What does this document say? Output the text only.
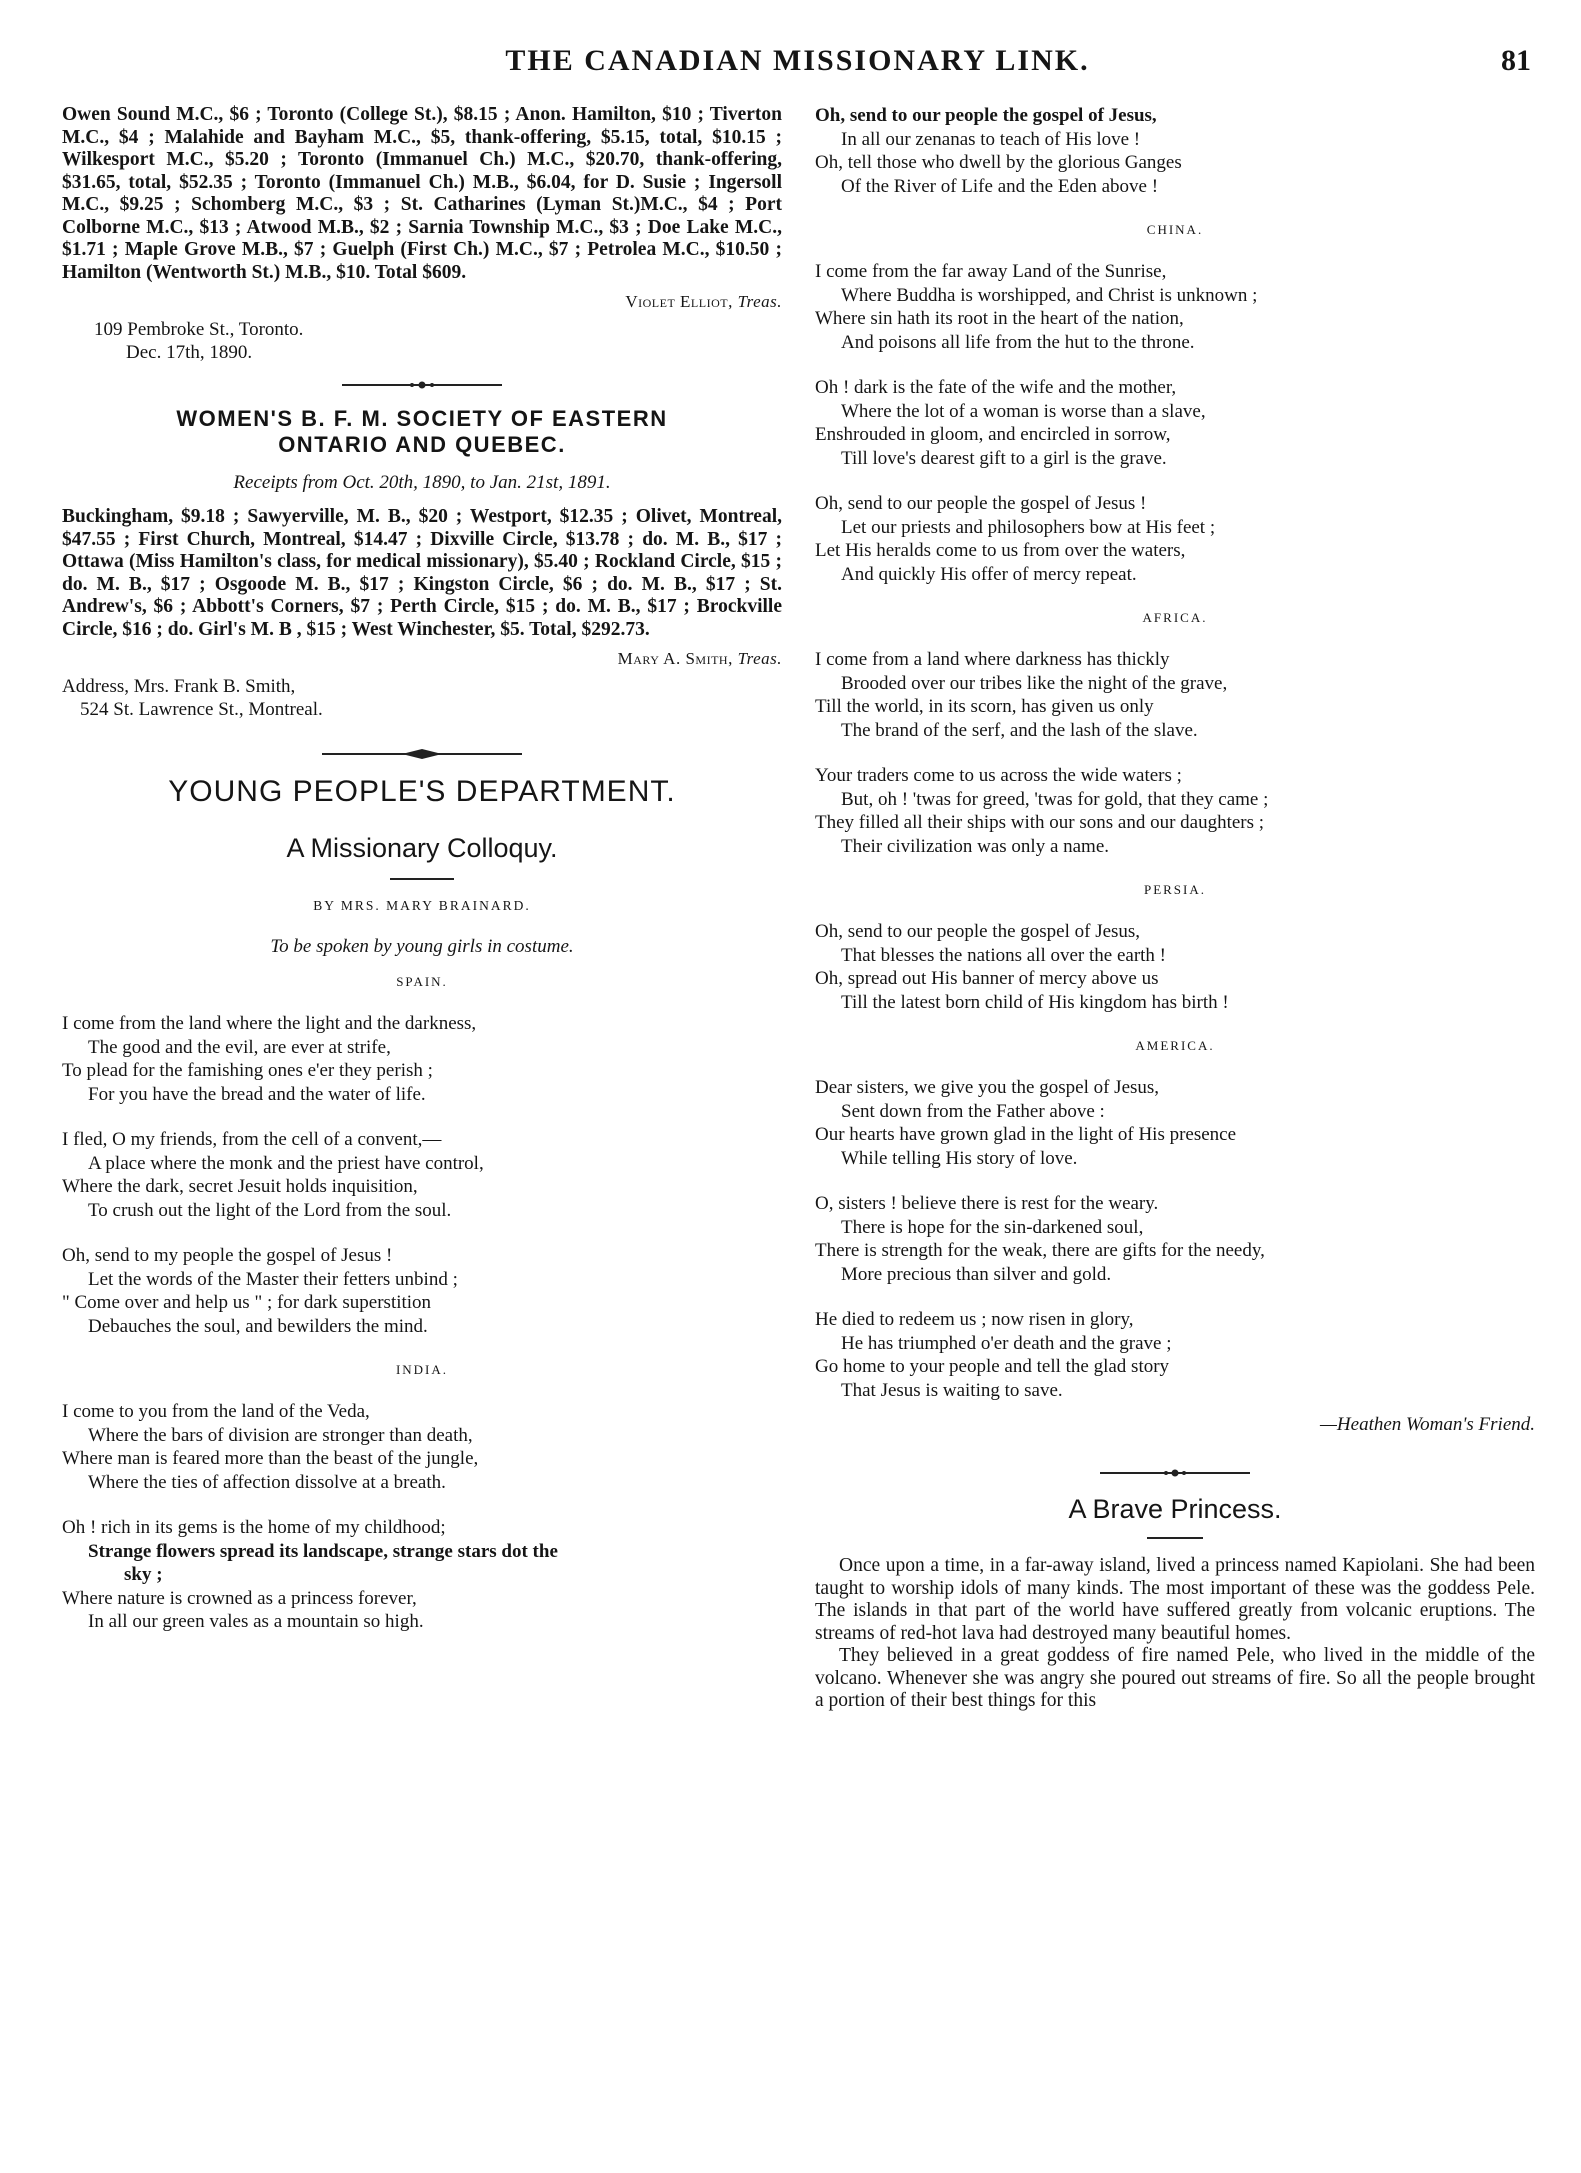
THE CANADIAN MISSIONARY LINK.	81

Owen Sound M.C., $6 ; Toronto (College St.), $8.15 ; Anon. Hamilton, $10 ; Tiverton M.C., $4 ; Malahide and Bayham M.C., $5, thank-offering, $5.15, total, $10.15 ; Wilkesport M.C., $5.20 ; Toronto (Immanuel Ch.) M.C., $20.70, thank-offering, $31.65, total, $52.35 ; Toronto (Immanuel Ch.) M.B., $6.04, for D. Susie ; Ingersoll M.C., $9.25 ; Schomberg M.C., $3 ; St. Catharines (Lyman St.)M.C., $4 ; Port Colborne M.C., $13 ; Atwood M.B., $2 ; Sarnia Township M.C., $3 ; Doe Lake M.C., $1.71 ; Maple Grove M.B., $7 ; Guelph (First Ch.) M.C., $7 ; Petrolea M.C., $10.50 ; Hamilton (Wentworth St.) M.B., $10. Total $609.

Violet Elliot, Treas.
109 Pembroke St., Toronto.
Dec. 17th, 1890.
WOMEN'S B. F. M. SOCIETY OF EASTERN
ONTARIO AND QUEBEC.
Receipts from Oct. 20th, 1890, to Jan. 21st, 1891.

Buckingham, $9.18 ; Sawyerville, M. B., $20 ; Westport, $12.35 ; Olivet, Montreal, $47.55 ; First Church, Montreal, $14.47 ; Dixville Circle, $13.78 ; do. M. B., $17 ; Ottawa (Miss Hamilton's class, for medical missionary), $5.40 ; Rockland Circle, $15 ; do. M. B., $17 ; Osgoode M. B., $17 ; Kingston Circle, $6 ; do. M. B., $17 ; St. Andrew's, $6 ; Abbott's Corners, $7 ; Perth Circle, $15 ; do. M. B., $17 ; Brockville Circle, $16 ; do. Girl's M. B , $15 ; West Winchester, $5. Total, $292.73.

Mary A. Smith, Treas.
Address, Mrs. Frank B. Smith,
524 St. Lawrence St., Montreal.
YOUNG PEOPLE'S DEPARTMENT.
A Missionary Colloquy.
BY MRS. MARY BRAINARD.
To be spoken by young girls in costume.
SPAIN.
I come from the land where the light and the darkness,
The good and the evil, are ever at strife,
To plead for the famishing ones e'er they perish ;
For you have the bread and the water of life.
I fled, O my friends, from the cell of a convent,—
A place where the monk and the priest have control,
Where the dark, secret Jesuit holds inquisition,
To crush out the light of the Lord from the soul.
Oh, send to my people the gospel of Jesus !
Let the words of the Master their fetters unbind ;
" Come over and help us " ; for dark superstition
Debauches the soul, and bewilders the mind.
INDIA.
I come to you from the land of the Veda,
Where the bars of division are stronger than death,
Where man is feared more than the beast of the jungle,
Where the ties of affection dissolve at a breath.
Oh ! rich in its gems is the home of my childhood;
Strange flowers spread its landscape, strange stars dot the
sky ;
Where nature is crowned as a princess forever,
In all our green vales as a mountain so high.
Oh, send to our people the gospel of Jesus,
In all our zenanas to teach of His love !
Oh, tell those who dwell by the glorious Ganges
Of the River of Life and the Eden above !
CHINA.
I come from the far away Land of the Sunrise,
Where Buddha is worshipped, and Christ is unknown ;
Where sin hath its root in the heart of the nation,
And poisons all life from the hut to the throne.
Oh ! dark is the fate of the wife and the mother,
Where the lot of a woman is worse than a slave,
Enshrouded in gloom, and encircled in sorrow,
Till love's dearest gift to a girl is the grave.
Oh, send to our people the gospel of Jesus !
Let our priests and philosophers bow at His feet ;
Let His heralds come to us from over the waters,
And quickly His offer of mercy repeat.
AFRICA.
I come from a land where darkness has thickly
Brooded over our tribes like the night of the grave,
Till the world, in its scorn, has given us only
The brand of the serf, and the lash of the slave.
Your traders come to us across the wide waters ;
But, oh ! 'twas for greed, 'twas for gold, that they came ;
They filled all their ships with our sons and our daughters ;
Their civilization was only a name.
PERSIA.
Oh, send to our people the gospel of Jesus,
That blesses the nations all over the earth !
Oh, spread out His banner of mercy above us
Till the latest born child of His kingdom has birth !
AMERICA.
Dear sisters, we give you the gospel of Jesus,
Sent down from the Father above :
Our hearts have grown glad in the light of His presence
While telling His story of love.
O, sisters ! believe there is rest for the weary.
There is hope for the sin-darkened soul,
There is strength for the weak, there are gifts for the needy,
More precious than silver and gold.
He died to redeem us ; now risen in glory,
He has triumphed o'er death and the grave ;
Go home to your people and tell the glad story
That Jesus is waiting to save.
—Heathen Woman's Friend.
A Brave Princess.

Once upon a time, in a far-away island, lived a princess named Kapiolani. She had been taught to worship idols of many kinds. The most important of these was the goddess Pele. The islands in that part of the world have suffered greatly from volcanic eruptions. The streams of red-hot lava had destroyed many beautiful homes.

They believed in a great goddess of fire named Pele, who lived in the middle of the volcano. Whenever she was angry she poured out streams of fire. So all the people brought a portion of their best things for this
